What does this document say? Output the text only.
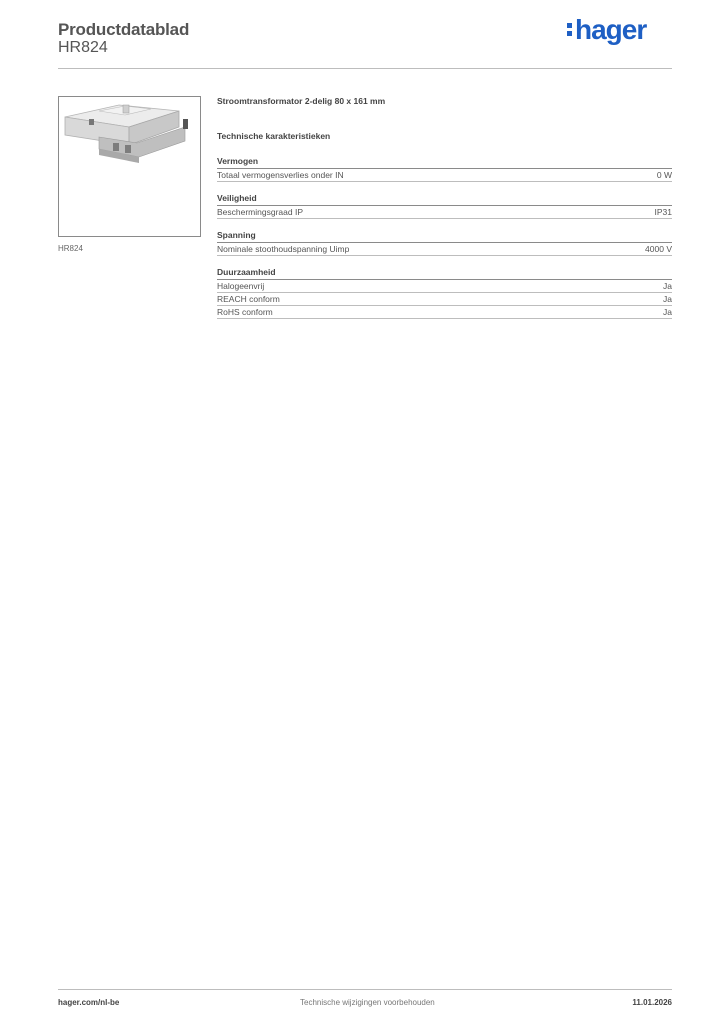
Productdatablad
HR824
hager
HR824
Stroomtransformator 2-delig 80 x 161 mm
Technische karakteristieken
Vermogen
Totaal vermogensverlies onder IN	0 W
Veiligheid
Beschermingsgraad IP	IP31
Spanning
Nominale stoothoudspanning Uimp	4000 V
Duurzaamheid
Halogeenvrij	Ja
REACH conform	Ja
RoHS conform	Ja
hager.com/nl-be	Technische wijzigingen voorbehouden	11.01.2026
